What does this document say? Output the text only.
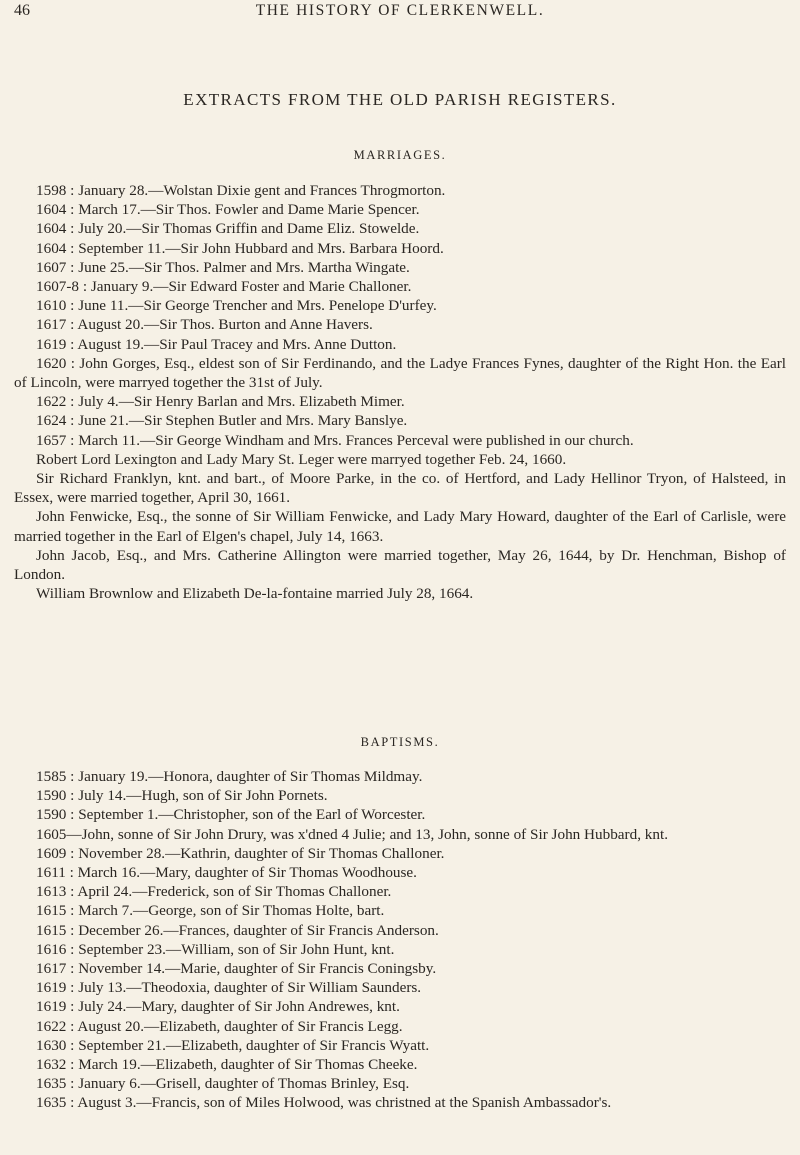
46	THE HISTORY OF CLERKENWELL.
EXTRACTS FROM THE OLD PARISH REGISTERS.
MARRIAGES.

1598 : January 28.—Wolstan Dixie gent and Frances Throgmorton.

1604 : March 17.—Sir Thos. Fowler and Dame Marie Spencer.

1604 : July 20.—Sir Thomas Griffin and Dame Eliz. Stowelde.

1604 : September 11.—Sir John Hubbard and Mrs. Barbara Hoord.

1607 : June 25.—Sir Thos. Palmer and Mrs. Martha Wingate.

1607-8 : January 9.—Sir Edward Foster and Marie Challoner.

1610 : June 11.—Sir George Trencher and Mrs. Penelope D'urfey.

1617 : August 20.—Sir Thos. Burton and Anne Havers.

1619 : August 19.—Sir Paul Tracey and Mrs. Anne Dutton.

1620 : John Gorges, Esq., eldest son of Sir Ferdinando, and the Ladye Frances Fynes, daughter of the Right Hon. the Earl of Lincoln, were marryed together the 31st of July.

1622 : July 4.—Sir Henry Barlan and Mrs. Elizabeth Mimer.

1624 : June 21.—Sir Stephen Butler and Mrs. Mary Banslye.

1657 : March 11.—Sir George Windham and Mrs. Frances Perceval were published in our church.

Robert Lord Lexington and Lady Mary St. Leger were marryed together Feb. 24, 1660.

Sir Richard Franklyn, knt. and bart., of Moore Parke, in the co. of Hertford, and Lady Hellinor Tryon, of Halsteed, in Essex, were married together, April 30, 1661.

John Fenwicke, Esq., the sonne of Sir William Fenwicke, and Lady Mary Howard, daughter of the Earl of Carlisle, were married together in the Earl of Elgen's chapel, July 14, 1663.

John Jacob, Esq., and Mrs. Catherine Allington were married together, May 26, 1644, by Dr. Henchman, Bishop of London.

William Brownlow and Elizabeth De-la-fontaine married July 28, 1664.

BAPTISMS.

1585 : January 19.—Honora, daughter of Sir Thomas Mildmay.

1590 : July 14.—Hugh, son of Sir John Pornets.

1590 : September 1.—Christopher, son of the Earl of Worcester.

1605—John, sonne of Sir John Drury, was x'dned 4 Julie; and 13, John, sonne of Sir John Hubbard, knt.

1609 : November 28.—Kathrin, daughter of Sir Thomas Challoner.

1611 : March 16.—Mary, daughter of Sir Thomas Woodhouse.

1613 : April 24.—Frederick, son of Sir Thomas Challoner.

1615 : March 7.—George, son of Sir Thomas Holte, bart.

1615 : December 26.—Frances, daughter of Sir Francis Anderson.

1616 : September 23.—William, son of Sir John Hunt, knt.

1617 : November 14.—Marie, daughter of Sir Francis Coningsby.

1619 : July 13.—Theodoxia, daughter of Sir William Saunders.

1619 : July 24.—Mary, daughter of Sir John Andrewes, knt.

1622 : August 20.—Elizabeth, daughter of Sir Francis Legg.

1630 : September 21.—Elizabeth, daughter of Sir Francis Wyatt.

1632 : March 19.—Elizabeth, daughter of Sir Thomas Cheeke.

1635 : January 6.—Grisell, daughter of Thomas Brinley, Esq.

1635 : August 3.—Francis, son of Miles Holwood, was christned at the Spanish Ambassador's.
